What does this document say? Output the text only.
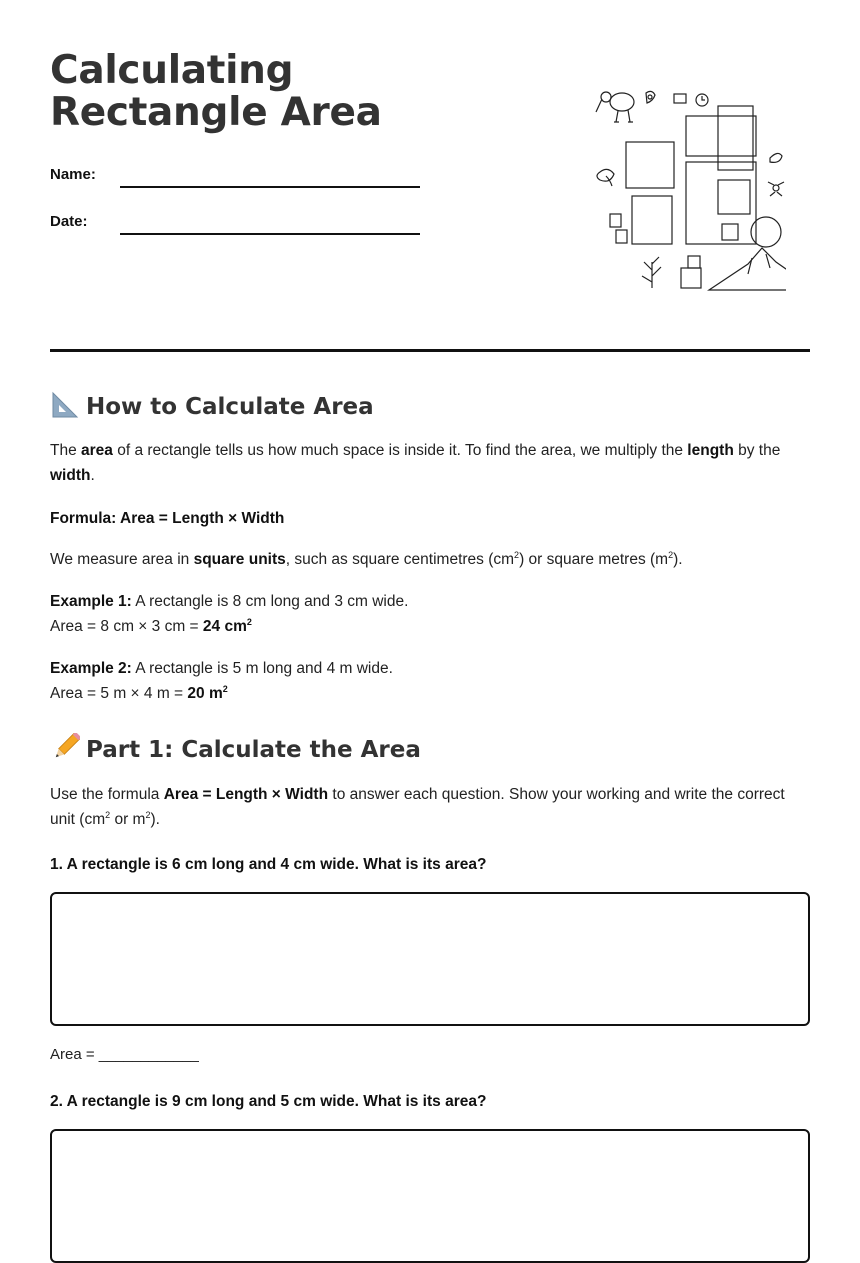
Calculating Rectangle Area
Name:
Date:
How to Calculate Area

The area of a rectangle tells us how much space is inside it. To find the area, we multiply the length by the width.

Formula: Area = Length × Width

We measure area in square units, such as square centimetres $(cm^2)$ or square metres $(m^2)$.

Example 1: A rectangle is 8 cm long and 3 cm wide.
Area = 8 cm × 3 cm = 24 $cm^2$

Example 2: A rectangle is 5 m long and 4 m wide.
Area = 5 m × 4 m = 20 $m^2$

Part 1: Calculate the Area

Use the formula Area = Length × Width to answer each question. Show your working and write the correct unit ($cm^2$ or $m^2$).

1. A rectangle is 6 cm long and 4 cm wide. What is its area?
Area = ____________
2. A rectangle is 9 cm long and 5 cm wide. What is its area?
